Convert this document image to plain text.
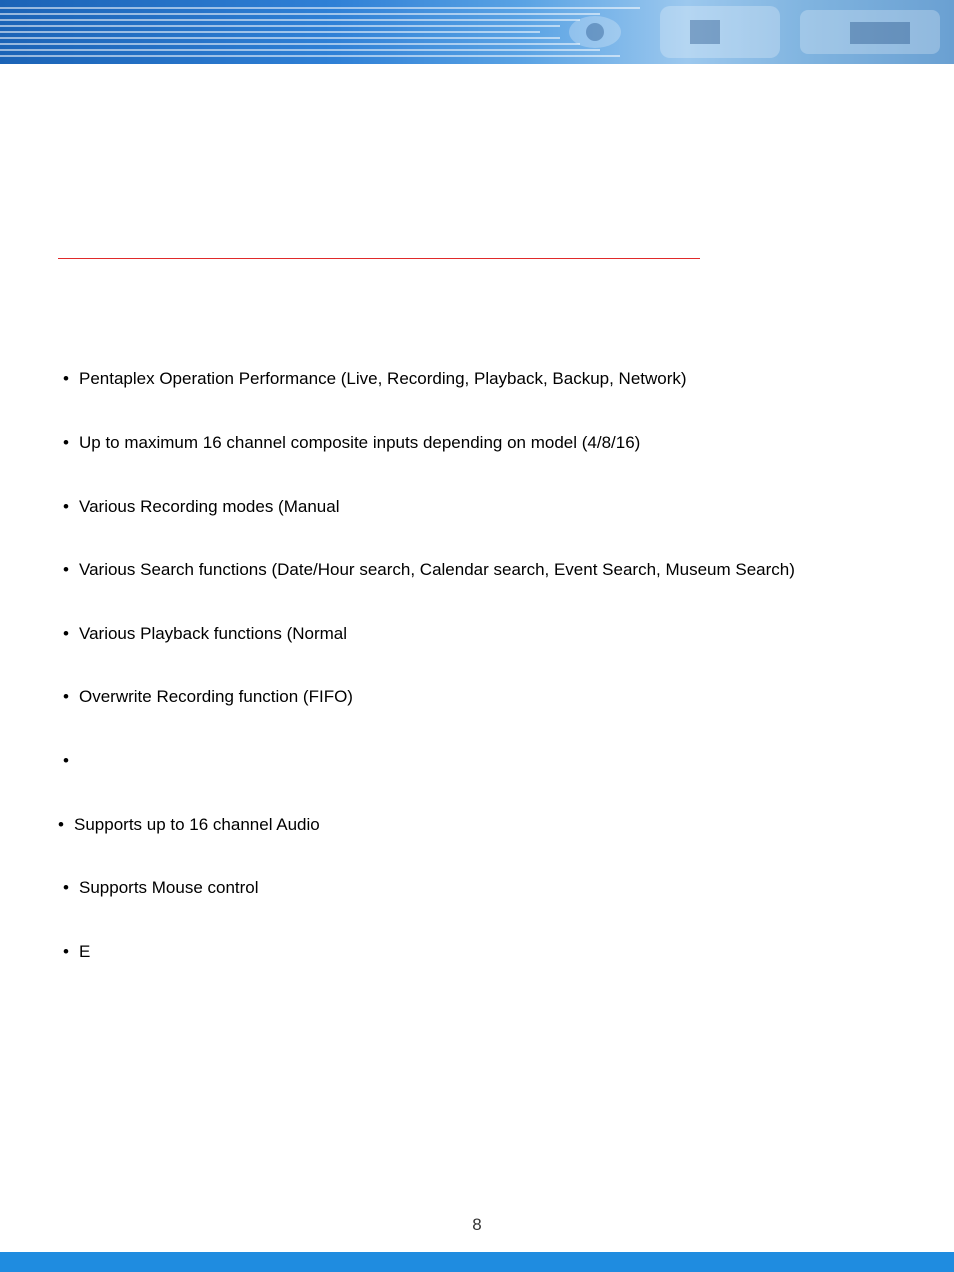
• Pentaplex Operation Performance (Live, Recording, Playback, Backup, Network)
• Up to maximum 16 channel composite inputs depending on model (4/8/16)
• Various Recording modes (Manual
• Various Search functions (Date/Hour search, Calendar search, Event Search, Museum Search)
• Various Playback functions (Normal
• Overwrite Recording function (FIFO)
•
• Supports up to 16 channel Audio
• Supports Mouse control
• E
8
